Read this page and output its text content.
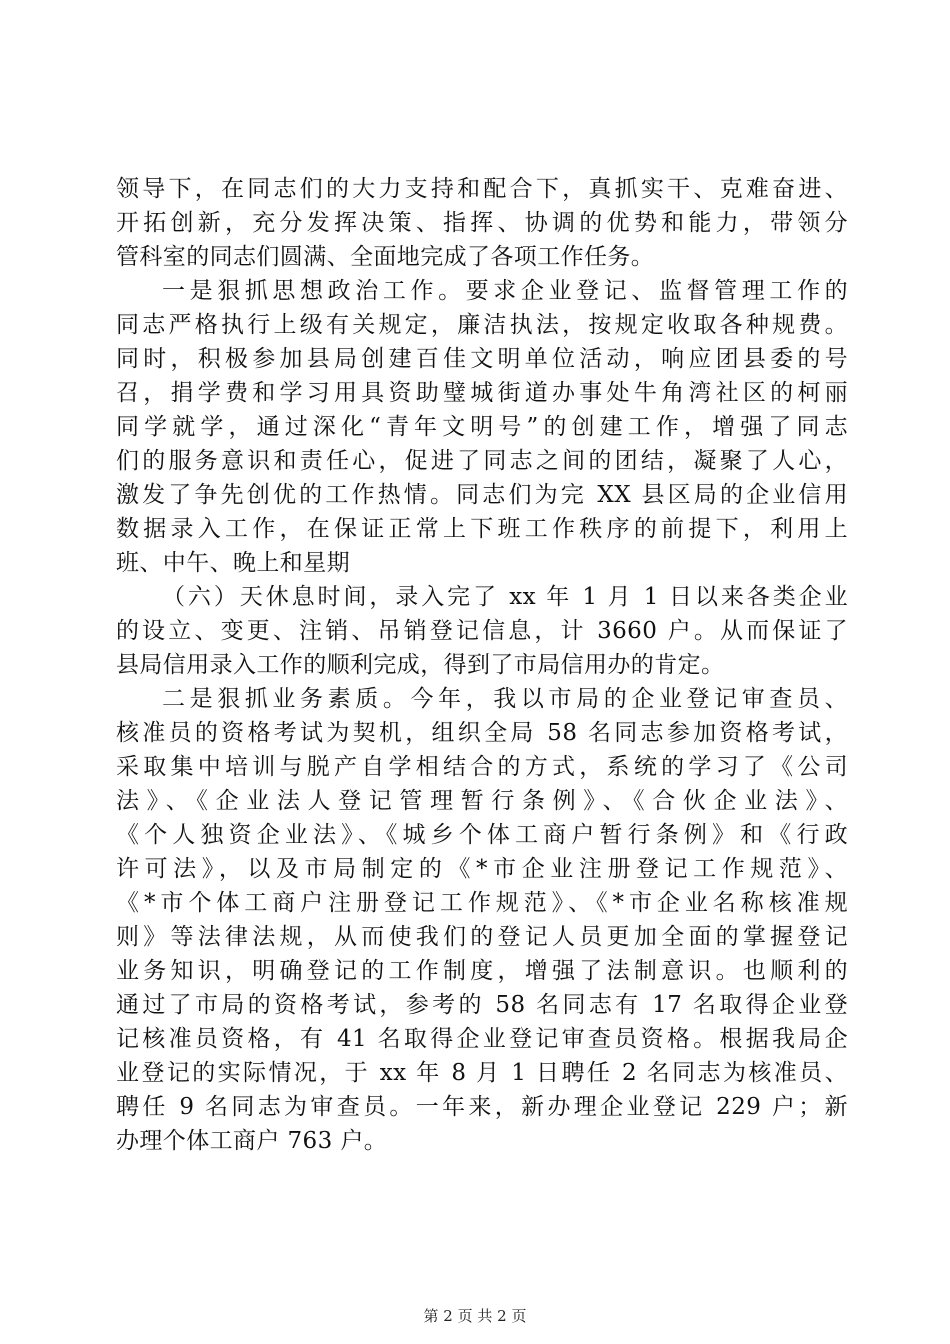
领导下，在同志们的大力支持和配合下，真抓实干、克难奋进、
开拓创新，充分发挥决策、指挥、协调的优势和能力，带领分
管科室的同志们圆满、全面地完成了各项工作任务。
一是狠抓思想政治工作。要求企业登记、监督管理工作的
同志严格执行上级有关规定，廉洁执法，按规定收取各种规费。
同时，积极参加县局创建百佳文明单位活动，响应团县委的号
召，捐学费和学习用具资助璧城街道办事处牛角湾社区的柯丽
同学就学，通过深化“青年文明号”的创建工作，增强了同志
们的服务意识和责任心，促进了同志之间的团结，凝聚了人心，
激发了争先创优的工作热情。同志们为完 XX 县区局的企业信用
数据录入工作，在保证正常上下班工作秩序的前提下，利用上
班、中午、晚上和星期
（六）天休息时间，录入完了 xx 年 1 月 1 日以来各类企业
的设立、变更、注销、吊销登记信息，计 3660 户。从而保证了
县局信用录入工作的顺利完成，得到了市局信用办的肯定。
二是狠抓业务素质。今年，我以市局的企业登记审查员、
核准员的资格考试为契机，组织全局 58 名同志参加资格考试，
采取集中培训与脱产自学相结合的方式，系统的学习了《公司
法》、《企业法人登记管理暂行条例》、《合伙企业法》、
《个人独资企业法》、《城乡个体工商户暂行条例》和《行政
许可法》，以及市局制定的《*市企业注册登记工作规范》、
《*市个体工商户注册登记工作规范》、《*市企业名称核准规
则》等法律法规，从而使我们的登记人员更加全面的掌握登记
业务知识，明确登记的工作制度，增强了法制意识。也顺利的
通过了市局的资格考试，参考的 58 名同志有 17 名取得企业登
记核准员资格，有 41 名取得企业登记审查员资格。根据我局企
业登记的实际情况，于 xx 年 8 月 1 日聘任 2 名同志为核准员、
聘任 9 名同志为审查员。一年来，新办理企业登记 229 户；新
办理个体工商户 763 户。
第 2 页 共 2 页
